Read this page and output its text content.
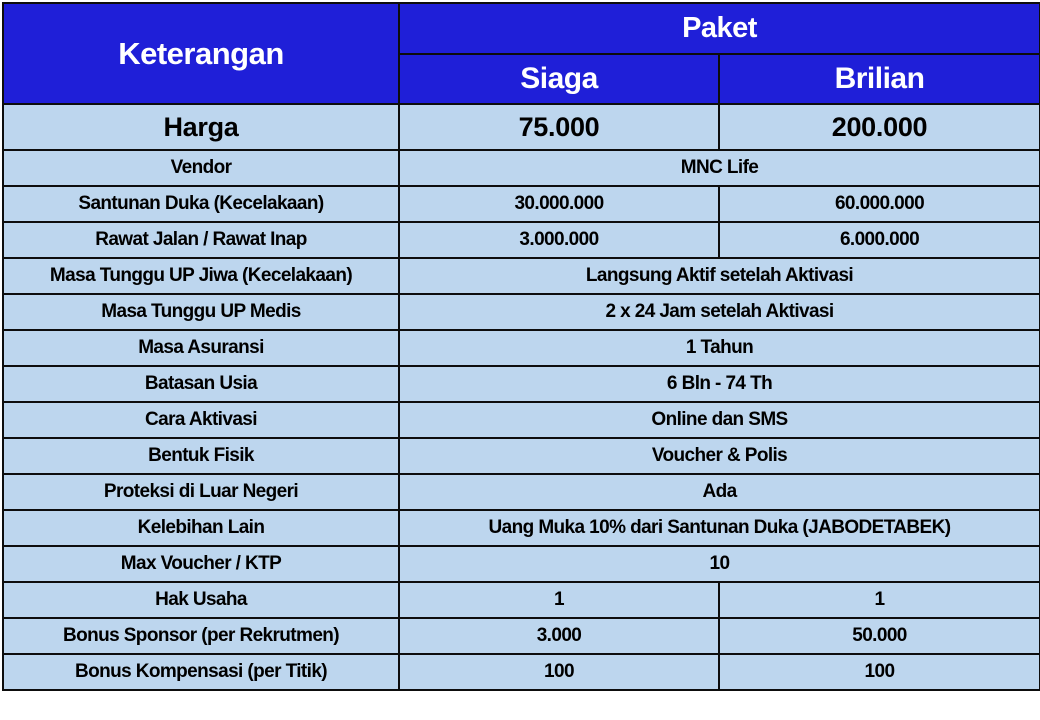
Keterangan	Paket	
	Siaga	Brilian
Harga	75.000	200.000
Vendor	MNC Life	
Santunan Duka (Kecelakaan)	30.000.000	60.000.000
Rawat Jalan / Rawat Inap	3.000.000	6.000.000
Masa Tunggu UP Jiwa (Kecelakaan)	Langsung Aktif setelah Aktivasi	
Masa Tunggu UP Medis	2 x 24 Jam setelah Aktivasi	
Masa Asuransi	1 Tahun	
Batasan Usia	6 Bln - 74 Th	
Cara Aktivasi	Online dan SMS	
Bentuk Fisik	Voucher & Polis	
Proteksi di Luar Negeri	Ada	
Kelebihan Lain	Uang Muka 10% dari Santunan Duka (JABODETABEK)	
Max Voucher / KTP	10	
Hak Usaha	1	1
Bonus Sponsor (per Rekrutmen)	3.000	50.000
Bonus Kompensasi (per Titik)	100	100
